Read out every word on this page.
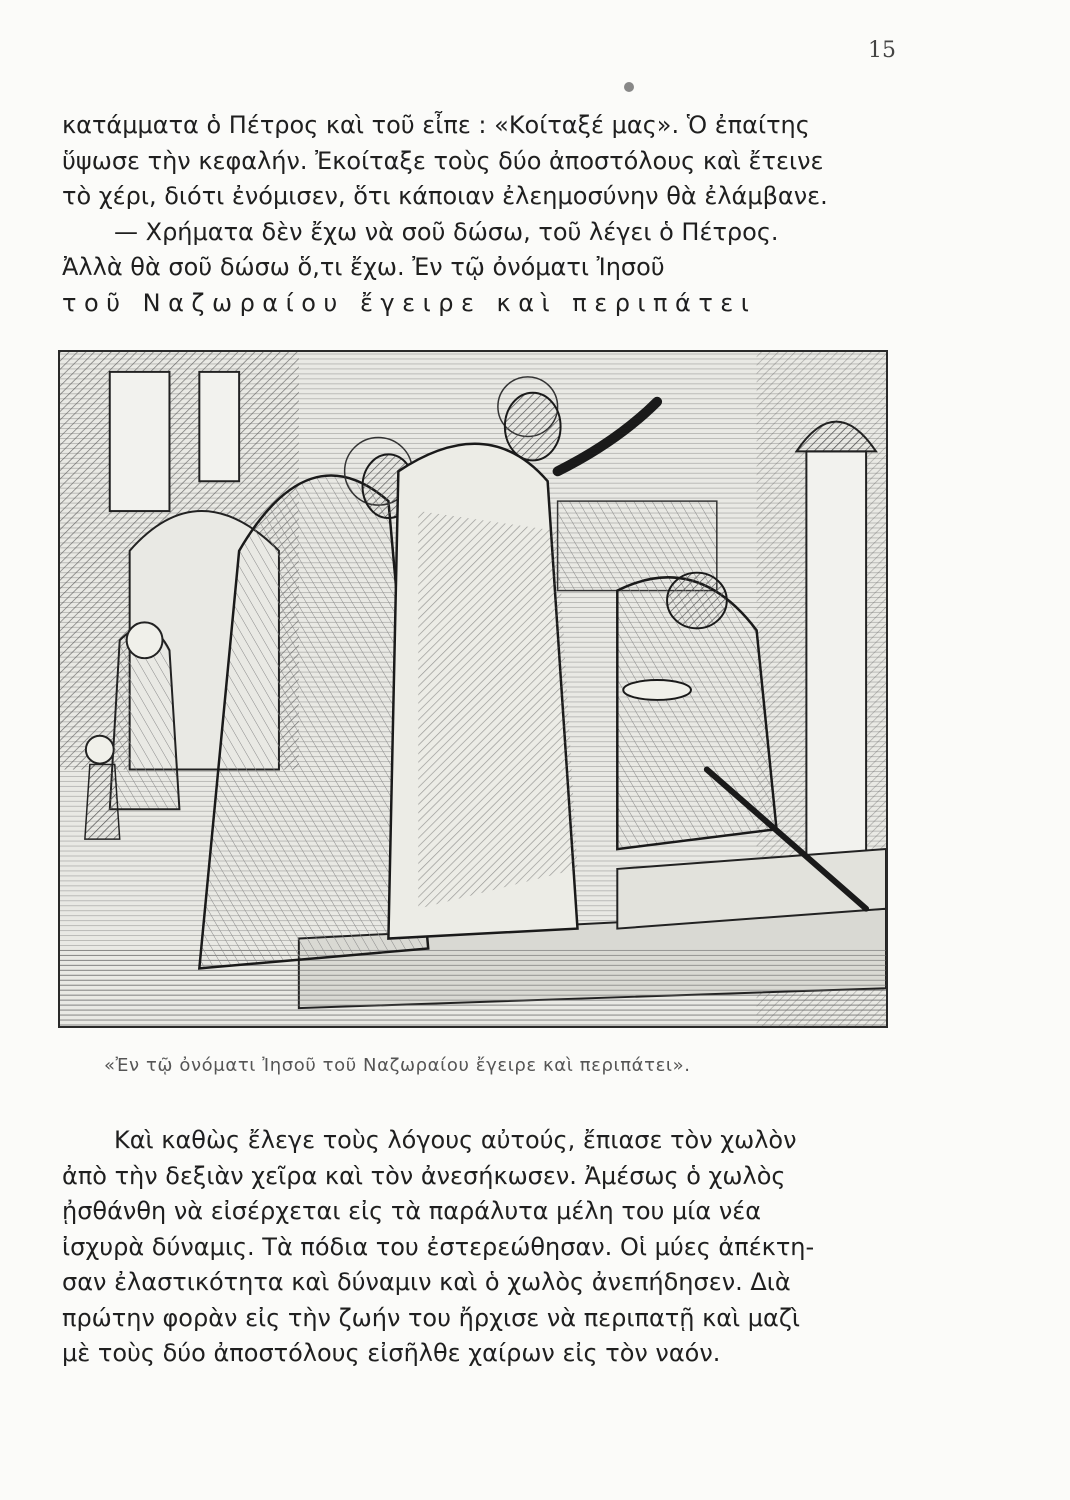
15
κατάμματα ὁ Πέτρος καὶ τοῦ εἶπε : «Κοίταξέ μας». Ὁ ἐπαίτης
ὕψωσε τὴν κεφαλήν. Ἐκοίταξε τοὺς δύο ἀποστόλους καὶ ἔτεινε
τὸ χέρι, διότι ἐνόμισεν, ὅτι κάποιαν ἐλεημοσύνην θὰ ἐλάμβανε.
— Χρήματα δὲν ἔχω νὰ σοῦ δώσω, τοῦ λέγει ὁ Πέτρος.
Ἀλλὰ θὰ σοῦ δώσω ὅ,τι ἔχω. Ἐν τῷ ὀνόματι Ἰησοῦ
τοῦ Ναζωραίου ἔγειρε καὶ περιπάτει
«Ἐν τῷ ὀνόματι Ἰησοῦ τοῦ Ναζωραίου ἔγειρε καὶ περιπάτει».
Καὶ καθὼς ἔλεγε τοὺς λόγους αὐτούς, ἔπιασε τὸν χωλὸν
ἀπὸ τὴν δεξιὰν χεῖρα καὶ τὸν ἀνεσήκωσεν. Ἀμέσως ὁ χωλὸς
ᾐσθάνθη νὰ εἰσέρχεται εἰς τὰ παράλυτα μέλη του μία νέα
ἰσχυρὰ δύναμις. Τὰ πόδια του ἐστερεώθησαν. Οἱ μύες ἀπέκτη-
σαν ἐλαστικότητα καὶ δύναμιν καὶ ὁ χωλὸς ἀνεπήδησεν. Διὰ
πρώτην φορὰν εἰς τὴν ζωήν του ἤρχισε νὰ περιπατῇ καὶ μαζὶ
μὲ τοὺς δύο ἀποστόλους εἰσῆλθε χαίρων εἰς τὸν ναόν.
